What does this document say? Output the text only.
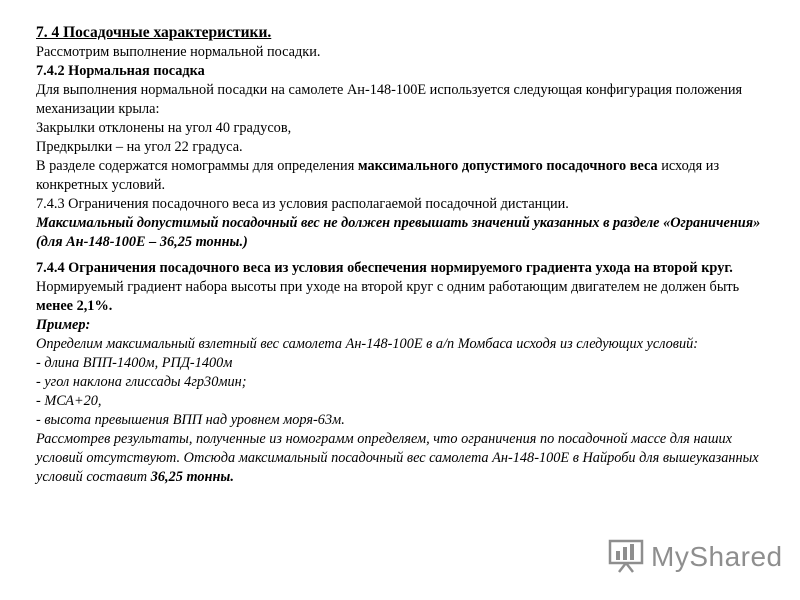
7. 4 Посадочные характеристики.

Рассмотрим выполнение нормальной посадки.

7.4.2 Нормальная посадка

Для выполнения нормальной посадки на самолете Ан-148-100Е используется следующая конфигурация положения механизации крыла:

Закрылки отклонены на угол 40 градусов,

Предкрылки – на угол 22 градуса.

В разделе содержатся номограммы для определения максимального допустимого посадочного веса исходя из конкретных условий.

7.4.3 Ограничения посадочного веса из условия располагаемой посадочной дистанции.

Максимальный допустимый посадочный вес не должен превышать значений указанных в разделе «Ограничения» (для Ан-148-100Е – 36,25 тонны.)

7.4.4 Ограничения посадочного веса из условия обеспечения нормируемого градиента ухода на второй круг.

Нормируемый градиент набора высоты при уходе на второй круг с одним работающим двигателем не должен быть менее 2,1%.

Пример:

Определим максимальный взлетный вес самолета Ан-148-100Е в а/п Момбаса исходя из следующих условий:

- длина ВПП-1400м, РПД-1400м

- угол наклона глиссады 4гр30мин;

- МСА+20,

- высота превышения ВПП над уровнем моря-63м.

Рассмотрев результаты, полученные из номограмм определяем, что ограничения по посадочной массе для наших условий отсутствуют. Отсюда максимальный посадочный вес самолета Ан-148-100Е в Найроби для вышеуказанных условий составит 36,25 тонны.

MyShared
